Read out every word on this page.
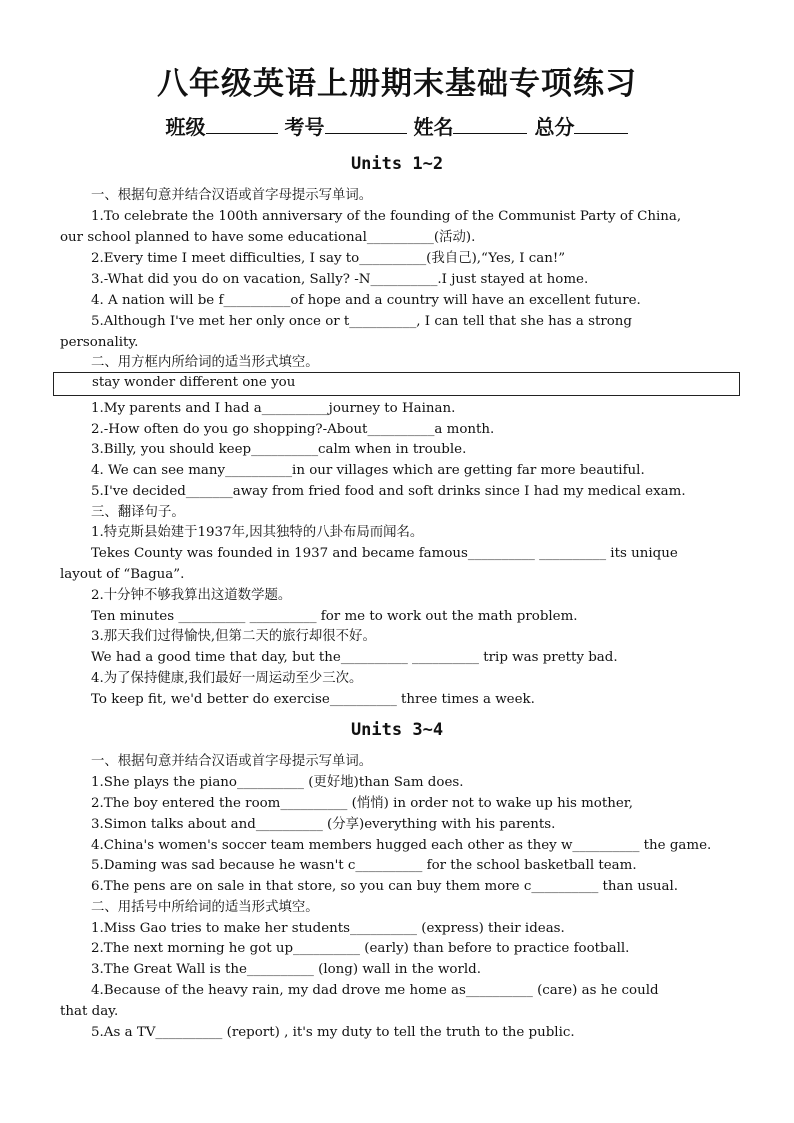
八年级英语上册期末基础专项练习
班级	考号	姓名	总分
Units 1~2
一、根据句意并结合汉语或首字母提示写单词。
1.To celebrate the 100th anniversary of the founding of the Communist Party of China,
our school planned to have some educational__________(活动).
2.Every time I meet difficulties, I say to__________(我自己),“Yes, I can!”
3.-What did you do on vacation, Sally? -N__________.I just stayed at home.
4. A nation will be f__________of hope and a country will have an excellent future.
5.Although I've met her only once or t__________, I can tell that she has a strong
personality.
二、用方框内所给词的适当形式填空。
stay wonder different one you
1.My parents and I had a__________journey to Hainan.
2.-How often do you go shopping?-About__________a month.
3.Billy, you should keep__________calm when in trouble.
4. We can see many__________in our villages which are getting far more beautiful.
5.I've decided_______away from fried food and soft drinks since I had my medical exam.
三、翻译句子。
1.特克斯县始建于1937年,因其独特的八卦布局而闻名。
Tekes County was founded in 1937 and became famous__________ __________ its unique
layout of “Bagua”.
2.十分钟不够我算出这道数学题。
Ten minutes __________ __________ for me to work out the math problem.
3.那天我们过得愉快,但第二天的旅行却很不好。
We had a good time that day, but the__________ __________ trip was pretty bad.
4.为了保持健康,我们最好一周运动至少三次。
To keep fit, we'd better do exercise__________ three times a week.
Units 3~4
一、根据句意并结合汉语或首字母提示写单词。
1.She plays the piano__________ (更好地)than Sam does.
2.The boy entered the room__________ (悄悄) in order not to wake up his mother,
3.Simon talks about and__________ (分享)everything with his parents.
4.China's women's soccer team members hugged each other as they w__________ the game.
5.Daming was sad because he wasn't c__________ for the school basketball team.
6.The pens are on sale in that store, so you can buy them more c__________ than usual.
二、用括号中所给词的适当形式填空。
1.Miss Gao tries to make her students__________ (express) their ideas.
2.The next morning he got up__________ (early) than before to practice football.
3.The Great Wall is the__________ (long) wall in the world.
4.Because of the heavy rain, my dad drove me home as__________ (care) as he could
that day.
5.As a TV__________ (report) , it's my duty to tell the truth to the public.
